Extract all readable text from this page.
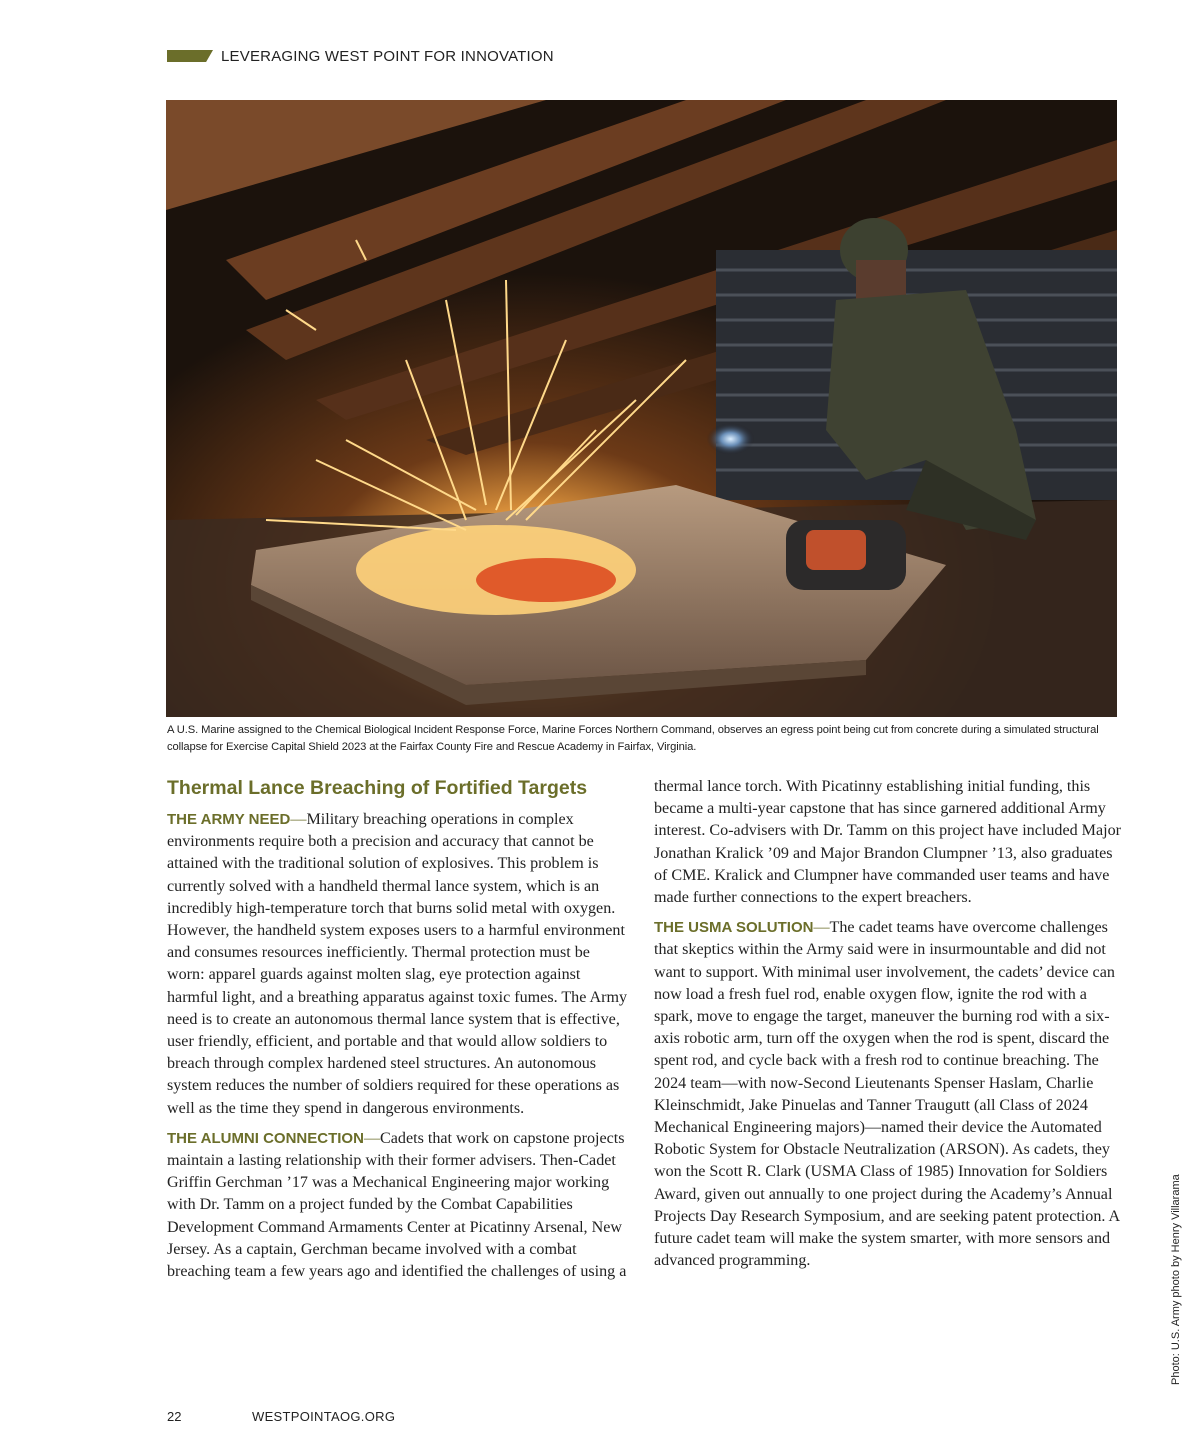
LEVERAGING WEST POINT FOR INNOVATION
A U.S. Marine assigned to the Chemical Biological Incident Response Force, Marine Forces Northern Command, observes an egress point being cut from concrete during a simulated structural collapse for Exercise Capital Shield 2023 at the Fairfax County Fire and Rescue Academy in Fairfax, Virginia.
Thermal Lance Breaching of Fortified Targets

THE ARMY NEED—Military breaching operations in complex environments require both a precision and accuracy that cannot be attained with the traditional solution of explosives. This problem is currently solved with a handheld thermal lance system, which is an incredibly high-temperature torch that burns solid metal with oxygen. However, the handheld system exposes users to a harmful environment and consumes resources inefficiently. Thermal protection must be worn: apparel guards against molten slag, eye protection against harmful light, and a breathing apparatus against toxic fumes. The Army need is to create an autonomous thermal lance system that is effective, user friendly, efficient, and portable and that would allow soldiers to breach through complex hardened steel structures. An autonomous system reduces the number of soldiers required for these operations as well as the time they spend in dangerous environments.

THE ALUMNI CONNECTION—Cadets that work on capstone projects maintain a lasting relationship with their former advisers. Then-Cadet Griffin Gerchman ’17 was a Mechanical Engineering major working with Dr. Tamm on a project funded by the Combat Capabilities Development Command Armaments Center at Picatinny Arsenal, New Jersey. As a captain, Gerchman became involved with a combat breaching team a few years ago and identified the challenges of using a

thermal lance torch. With Picatinny establishing initial funding, this became a multi-year capstone that has since garnered additional Army interest. Co-advisers with Dr. Tamm on this project have included Major Jonathan Kralick ’09 and Major Brandon Clumpner ’13, also graduates of CME. Kralick and Clumpner have commanded user teams and have made further connections to the expert breachers.

THE USMA SOLUTION—The cadet teams have overcome challenges that skeptics within the Army said were in insurmountable and did not want to support. With minimal user involvement, the cadets’ device can now load a fresh fuel rod, enable oxygen flow, ignite the rod with a spark, move to engage the target, maneuver the burning rod with a six-axis robotic arm, turn off the oxygen when the rod is spent, discard the spent rod, and cycle back with a fresh rod to continue breaching. The 2024 team—with now-Second Lieutenants Spenser Haslam, Charlie Kleinschmidt, Jake Pinuelas and Tanner Traugutt (all Class of 2024 Mechanical Engineering majors)—named their device the Automated Robotic System for Obstacle Neutralization (ARSON). As cadets, they won the Scott R. Clark (USMA Class of 1985) Innovation for Soldiers Award, given out annually to one project during the Academy’s Annual Projects Day Research Symposium, and are seeking patent protection. A future cadet team will make the system smarter, with more sensors and advanced programming.	Photo: U.S. Army photo by Henry Villarama
22	WESTPOINTAOG.ORG
